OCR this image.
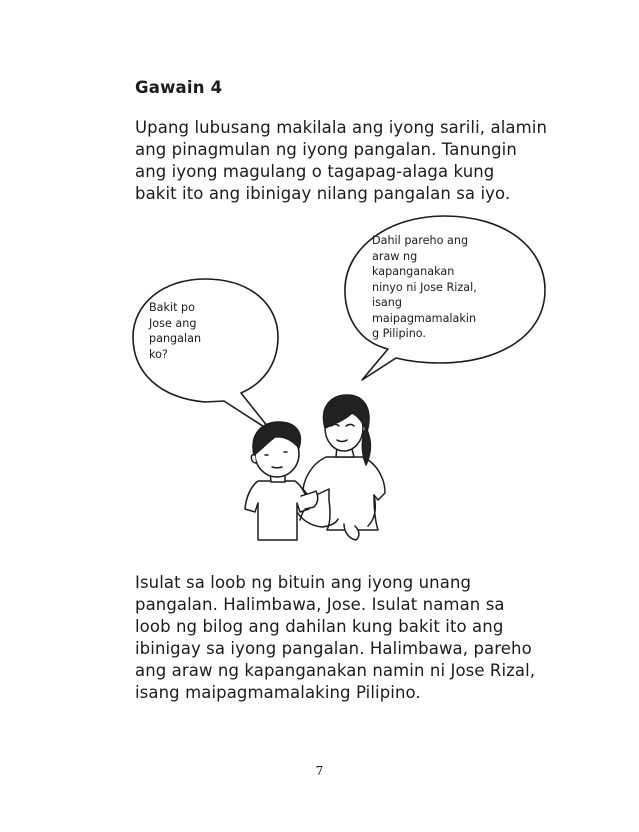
Gawain 4
Upang lubusang makilala ang iyong sarili, alamin
ang pinagmulan ng iyong pangalan. Tanungin
ang iyong magulang o tagapag-alaga kung
bakit ito ang ibinigay nilang pangalan sa iyo.
Bakit po
Jose ang
pangalan
ko?
Dahil pareho ang
araw ng
kapanganakan
ninyo ni Jose Rizal,
isang
maipagmamalakin
g Pilipino.
Isulat sa loob ng bituin ang iyong unang
pangalan. Halimbawa, Jose. Isulat naman sa
loob ng bilog ang dahilan kung bakit ito ang
ibinigay sa iyong pangalan. Halimbawa, pareho
ang araw ng kapanganakan namin ni Jose Rizal,
isang maipagmamalaking Pilipino.
7
